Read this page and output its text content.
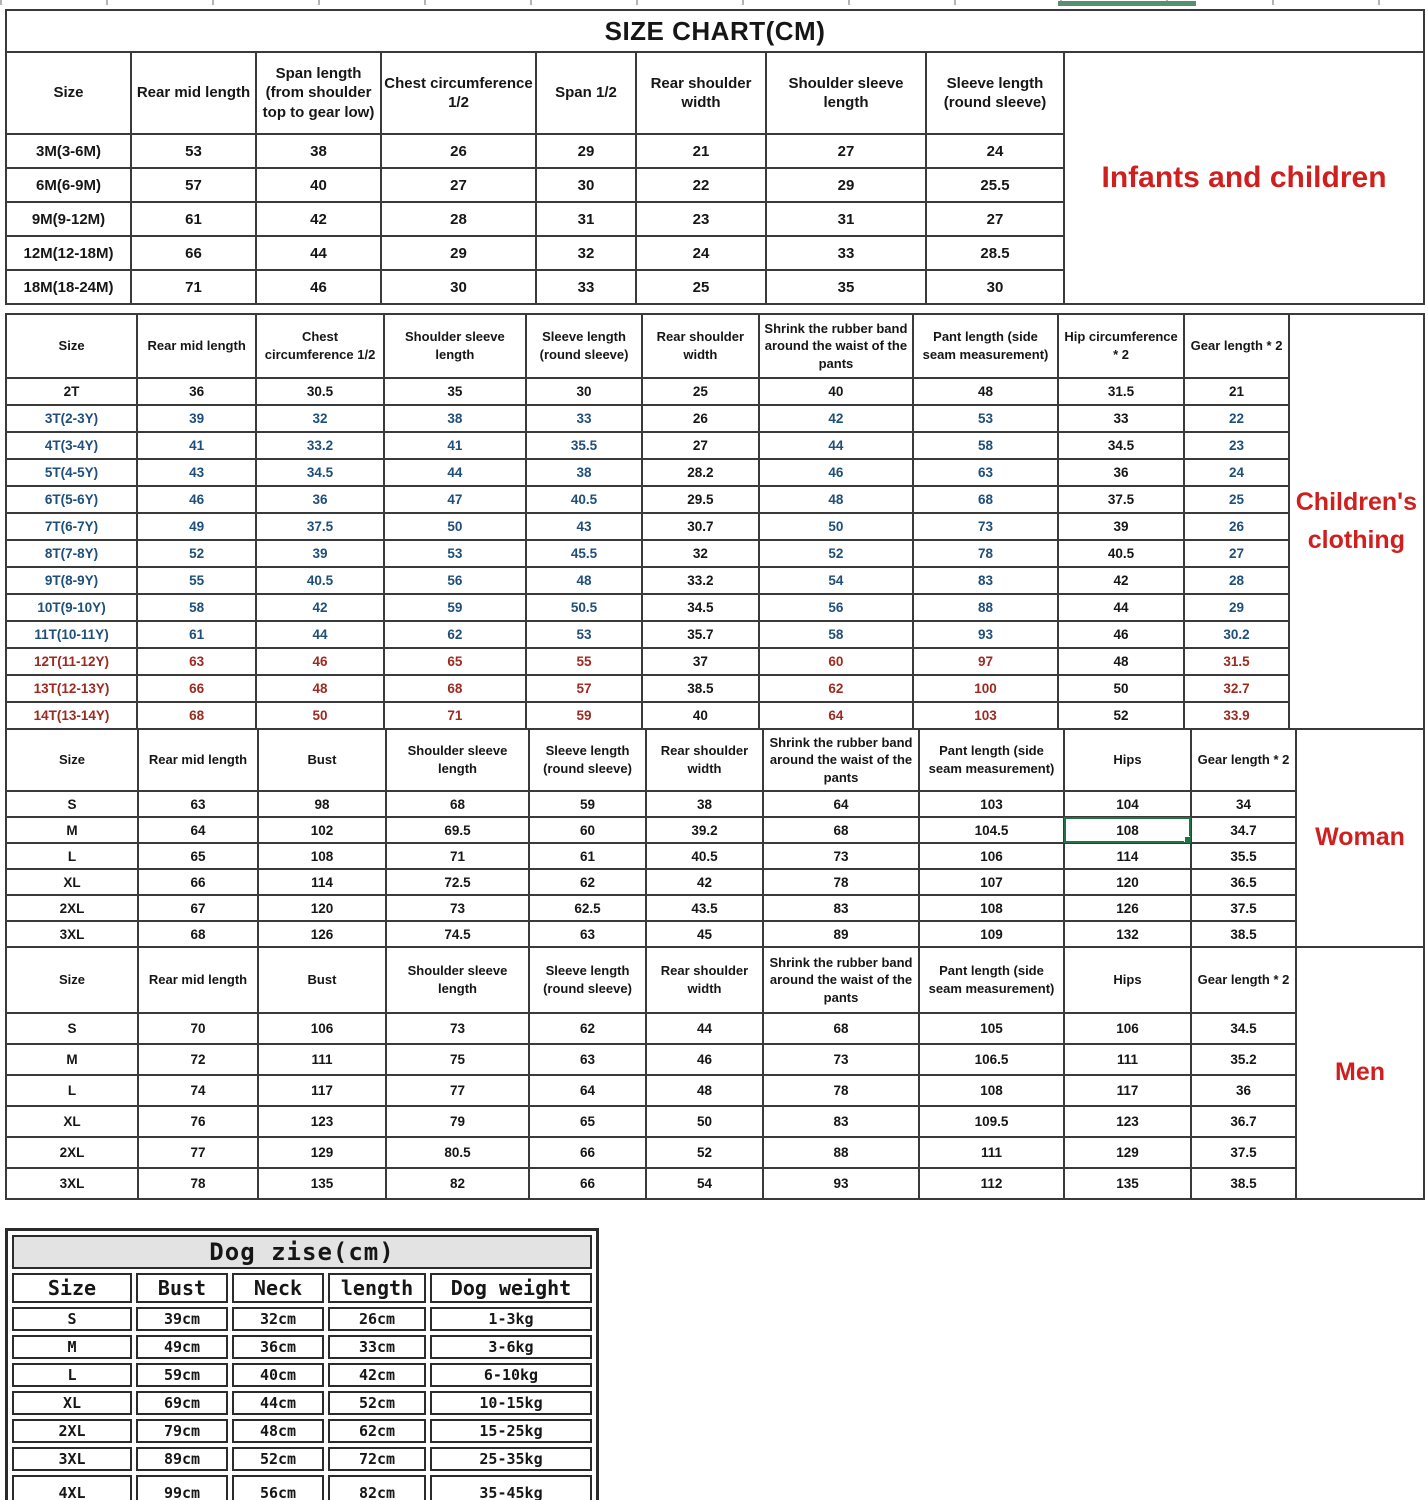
SIZE CHART(CM)
Size	Rear mid length	Span length (from shoulder top to gear low)	Chest circumference 1/2	Span 1/2	Rear shoulder width	Shoulder sleeve length	Sleeve length (round sleeve)
3M(3-6M)	53	38	26	29	21	27	24
6M(6-9M)	57	40	27	30	22	29	25.5
9M(9-12M)	61	42	28	31	23	31	27
12M(12-18M)	66	44	29	32	24	33	28.5
18M(18-24M)	71	46	30	33	25	35	30
Infants and children
Size	Rear mid length	Chest circumference 1/2	Shoulder sleeve length	Sleeve length (round sleeve)	Rear shoulder width	Shrink the rubber band around the waist of the pants	Pant length (side seam measurement)	Hip circumference * 2	Gear length * 2
2T	36	30.5	35	30	25	40	48	31.5	21
3T(2-3Y)	39	32	38	33	26	42	53	33	22
4T(3-4Y)	41	33.2	41	35.5	27	44	58	34.5	23
5T(4-5Y)	43	34.5	44	38	28.2	46	63	36	24
6T(5-6Y)	46	36	47	40.5	29.5	48	68	37.5	25
7T(6-7Y)	49	37.5	50	43	30.7	50	73	39	26
8T(7-8Y)	52	39	53	45.5	32	52	78	40.5	27
9T(8-9Y)	55	40.5	56	48	33.2	54	83	42	28
10T(9-10Y)	58	42	59	50.5	34.5	56	88	44	29
11T(10-11Y)	61	44	62	53	35.7	58	93	46	30.2
12T(11-12Y)	63	46	65	55	37	60	97	48	31.5
13T(12-13Y)	66	48	68	57	38.5	62	100	50	32.7
14T(13-14Y)	68	50	71	59	40	64	103	52	33.9
Children's clothing
Size	Rear mid length	Bust	Shoulder sleeve length	Sleeve length (round sleeve)	Rear shoulder width	Shrink the rubber band around the waist of the pants	Pant length (side seam measurement)	Hips	Gear length * 2
S	63	98	68	59	38	64	103	104	34
M	64	102	69.5	60	39.2	68	104.5	108	34.7
L	65	108	71	61	40.5	73	106	114	35.5
XL	66	114	72.5	62	42	78	107	120	36.5
2XL	67	120	73	62.5	43.5	83	108	126	37.5
3XL	68	126	74.5	63	45	89	109	132	38.5
Woman
Size	Rear mid length	Bust	Shoulder sleeve length	Sleeve length (round sleeve)	Rear shoulder width	Shrink the rubber band around the waist of the pants	Pant length (side seam measurement)	Hips	Gear length * 2
S	70	106	73	62	44	68	105	106	34.5
M	72	111	75	63	46	73	106.5	111	35.2
L	74	117	77	64	48	78	108	117	36
XL	76	123	79	65	50	83	109.5	123	36.7
2XL	77	129	80.5	66	52	88	111	129	37.5
3XL	78	135	82	66	54	93	112	135	38.5
Men
Dog zise(cm)				
Size	Bust	Neck	length	Dog weight
S	39cm	32cm	26cm	1-3kg
M	49cm	36cm	33cm	3-6kg
L	59cm	40cm	42cm	6-10kg
XL	69cm	44cm	52cm	10-15kg
2XL	79cm	48cm	62cm	15-25kg
3XL	89cm	52cm	72cm	25-35kg
4XL	99cm	56cm	82cm	35-45kg
